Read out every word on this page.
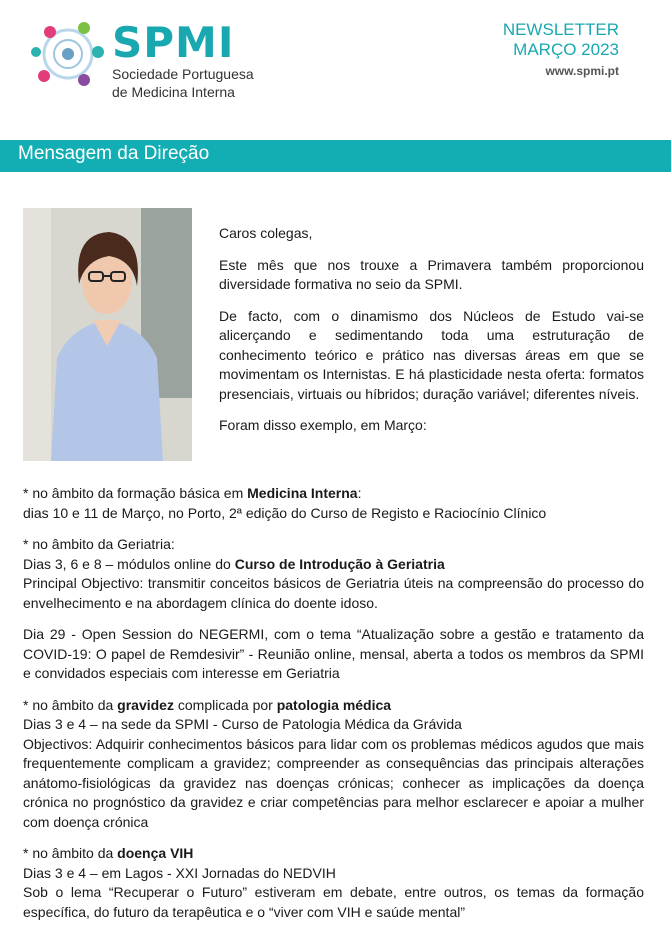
SPMI
Sociedade Portuguesa
de Medicina Interna
NEWSLETTER
MARÇO 2023
www.spmi.pt
Mensagem da Direção

Caros colegas,

Este mês que nos trouxe a Primavera também proporcionou diversidade formativa no seio da SPMI.

De facto, com o dinamismo dos Núcleos de Estudo vai-se alicerçando e sedimentando toda uma estruturação de conhecimento teórico e prático nas diversas áreas em que se movimentam os Internistas. E há plasticidade nesta oferta: formatos presenciais, virtuais ou híbridos; duração variável; diferentes níveis.

Foram disso exemplo, em Março:

* no âmbito da formação básica em Medicina Interna:
dias 10 e 11 de Março, no Porto, 2ª edição do Curso de Registo e Raciocínio Clínico

* no âmbito da Geriatria:
Dias 3, 6 e 8 – módulos online do Curso de Introdução à Geriatria
Principal Objectivo: transmitir conceitos básicos de Geriatria úteis na compreensão do processo do envelhecimento e na abordagem clínica do doente idoso.

Dia 29 - Open Session do NEGERMI, com o tema “Atualização sobre a gestão e tratamento da COVID-19: O papel de Remdesivir” - Reunião online, mensal, aberta a todos os membros da SPMI e convidados especiais com interesse em Geriatria

* no âmbito da gravidez complicada por patologia médica
Dias 3 e 4 – na sede da SPMI - Curso de Patologia Médica da Grávida
Objectivos: Adquirir conhecimentos básicos para lidar com os problemas médicos agudos que mais frequentemente complicam a gravidez; compreender as consequências das principais alterações anátomo-fisiológicas da gravidez nas doenças crónicas; conhecer as implicações da doença crónica no prognóstico da gravidez e criar competências para melhor esclarecer e apoiar a mulher com doença crónica

* no âmbito da doença VIH
Dias 3 e 4 – em Lagos - XXI Jornadas do NEDVIH
Sob o lema “Recuperar o Futuro” estiveram em debate, entre outros, os temas da formação específica, do futuro da terapêutica e o “viver com VIH e saúde mental”
